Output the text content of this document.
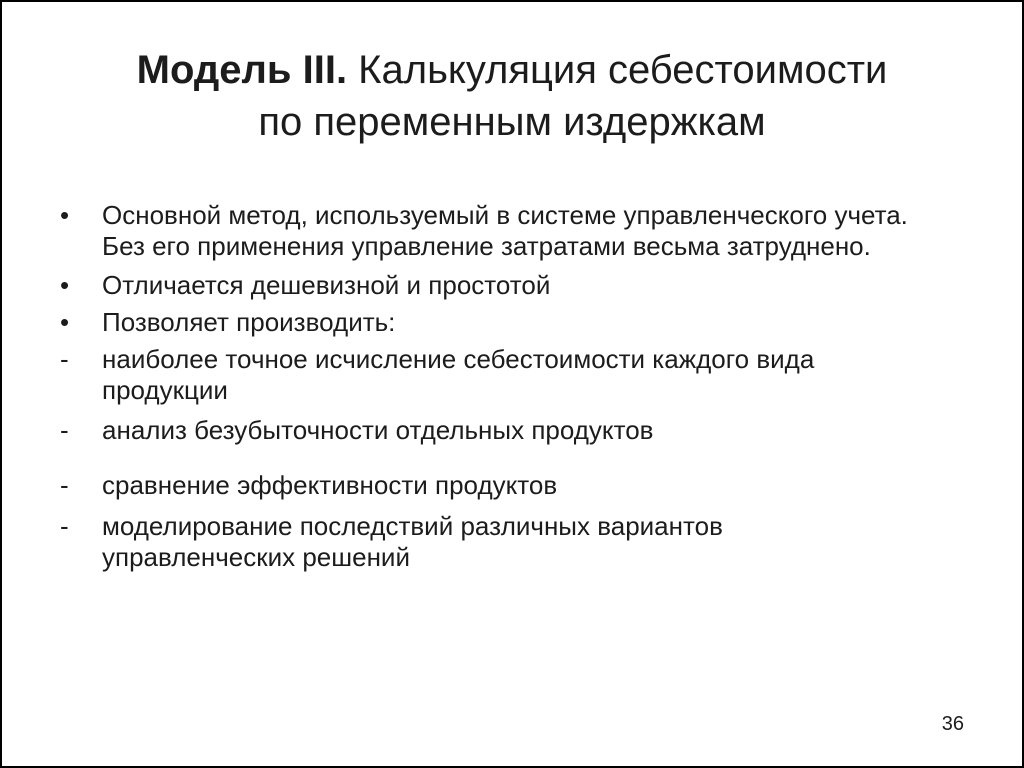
Модель III. Калькуляция себестоимости
по переменным издержкам
•	Основной метод, используемый в системе управленческого учета. Без его применения управление затратами весьма затруднено.
•	Отличается дешевизной и простотой
•	Позволяет производить:
-	наиболее точное исчисление себестоимости каждого вида продукции
-	анализ безубыточности отдельных продуктов
-	сравнение эффективности продуктов
-	моделирование последствий различных вариантов управленческих решений
36
